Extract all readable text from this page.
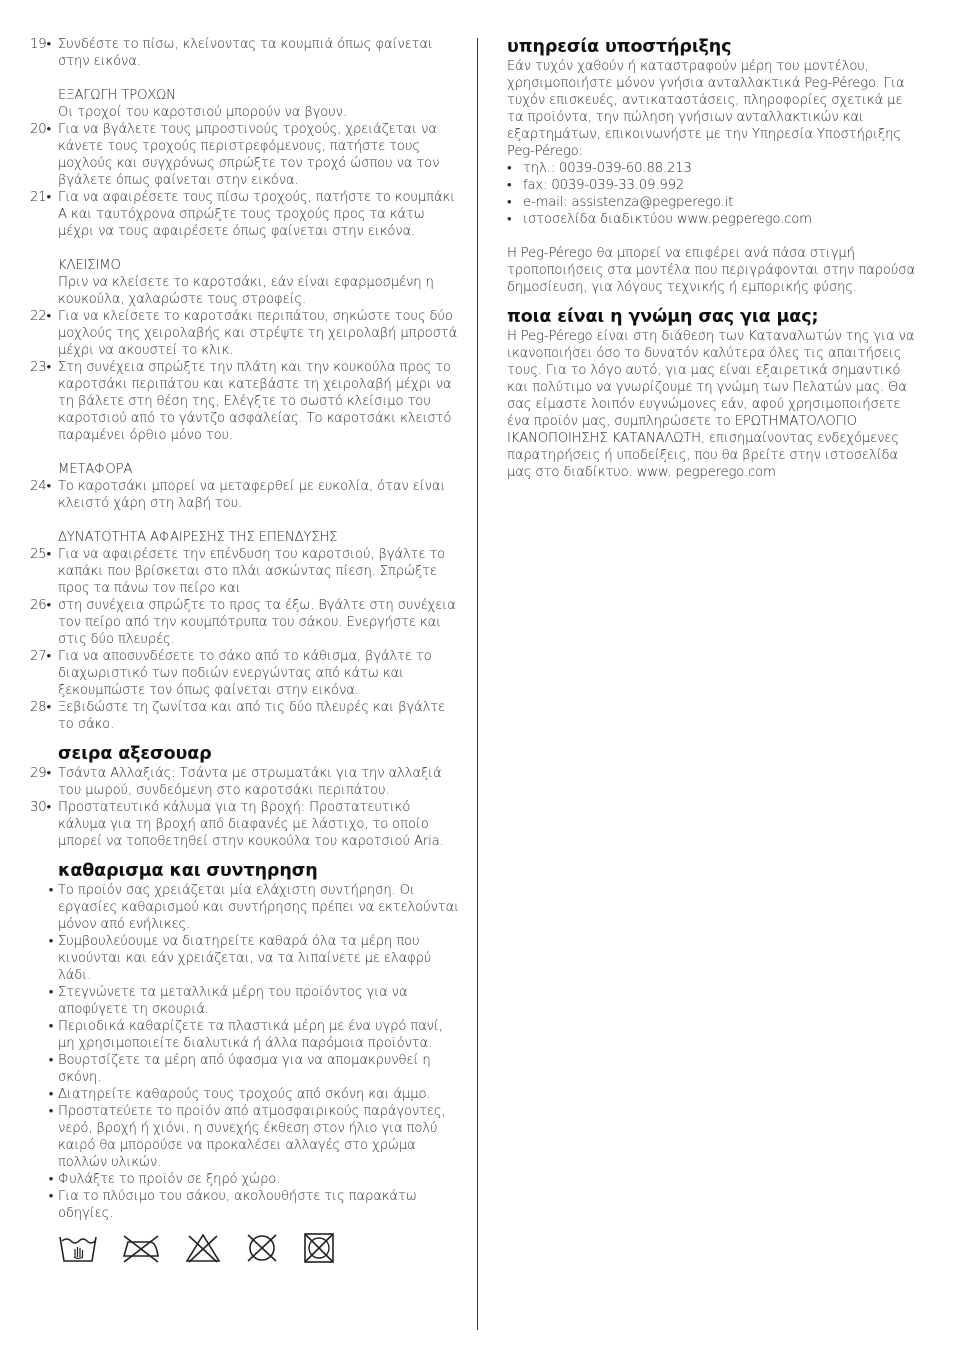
19• Συνδέστε το πίσω, κλείνοντας τα κουμπιά όπως φαίνεται στην εικόνα.
ΕΞΑΓΩΓΗ ΤΡΟΧΩΝ
Οι τροχοί του καροτσιού μπορούν να βγουν.
20• Για να βγάλετε τους μπροστινούς τροχούς, χρειάζεται να κάνετε τους τροχούς περιστρεφόμενους, πατήστε τους μοχλούς και συγχρόνως σπρώξτε τον τροχό ώσπου να τον βγάλετε όπως φαίνεται στην εικόνα.
21• Για να αφαιρέσετε τους πίσω τροχούς, πατήστε το κουμπάκι Α και ταυτόχρονα σπρώξτε τους τροχούς προς τα κάτω μέχρι να τους αφαιρέσετε όπως φαίνεται στην εικόνα.
ΚΛΕΙΣΙΜΟ
Πριν να κλείσετε το καροτσάκι, εάν είναι εφαρμοσμένη η κουκούλα, χαλαρώστε τους στροφείς.
22• Για να κλείσετε το καροτσάκι περιπάτου, σηκώστε τους δύο μοχλούς της χειρολαβής και στρέψτε τη χειρολαβή μπροστά μέχρι να ακουστεί το κλικ.
23• Στη συνέχεια σπρώξτε την πλάτη και την κουκούλα προς το καροτσάκι περιπάτου και κατεβάστε τη χειρολαβή μέχρι να τη βάλετε στη θέση της, Ελέγξτε το σωστό κλείσιμο του καροτσιού από το γάντζο ασφαλείας. Το καροτσάκι κλειστό παραμένει όρθιο μόνο του.
ΜΕΤΑΦΟΡΑ
24• Το καροτσάκι μπορεί να μεταφερθεί με ευκολία, όταν είναι κλειστό χάρη στη λαβή του.
ΔΥΝΑΤΟΤΗΤΑ ΑΦΑΙΡΕΣΗΣ ΤΗΣ ΕΠΕΝΔΥΣΗΣ
25• Για να αφαιρέσετε την επένδυση του καροτσιού, βγάλτε το καπάκι που βρίσκεται στο πλάι ασκώντας πίεση. Σπρώξτε προς τα πάνω τον πείρο και
26• στη συνέχεια σπρώξτε το προς τα έξω. Βγάλτε στη συνέχεια τον πείρο από την κουμπότρυπα του σάκου. Ενεργήστε και στις δύο πλευρές.
27• Για να αποσυνδέσετε το σάκο από το κάθισμα, βγάλτε το διαχωριστικό των ποδιών ενεργώντας από κάτω και ξεκουμπώστε τον όπως φαίνεται στην εικόνα.
28• Ξεβιδώστε τη ζωνίτσα και από τις δύο πλευρές και βγάλτε το σάκο.
σειρα αξεσουαρ
29• Τσάντα Αλλαξιάς: Τσάντα με στρωματάκι για την αλλαξιά του μωρού, συνδεόμενη στο καροτσάκι περιπάτου.
30• Προστατευτικό κάλυμα για τη βροχή: Προστατευτικό κάλυμα για τη βροχή από διαφανές με λάστιχο, το οποίο μπορεί να τοποθετηθεί στην κουκούλα του καροτσιού Aria.
καθαρισμα και συντηρηση
• Το προϊόν σας χρειάζεται μία ελάχιστη συντήρηση. Οι εργασίες καθαρισμού και συντήρησης πρέπει να εκτελούνται μόνον από ενήλικες.
• Συμβουλεύουμε να διατηρείτε καθαρά όλα τα μέρη που κινούνται και εάν χρειάζεται, να τα λιπαίνετε με ελαφρύ λάδι.
• Στεγνώνετε τα μεταλλικά μέρη του προϊόντος για να αποφύγετε τη σκουριά.
• Περιοδικά καθαρίζετε τα πλαστικά μέρη με ένα υγρό πανί, μη χρησιμοποιείτε διαλυτικά ή άλλα παρόμοια προϊόντα.
• Βουρτσίζετε τα μέρη από ύφασμα για να απομακρυνθεί η σκόνη.
• Διατηρείτε καθαρούς τους τροχούς από σκόνη και άμμο.
• Προστατεύετε το προϊόν από ατμοσφαιρικούς παράγοντες, νερό, βροχή ή χιόνι, η συνεχής έκθεση στον ήλιο για πολύ καιρό θα μπορούσε να προκαλέσει αλλαγές στο χρώμα πολλών υλικών.
• Φυλάξτε το προϊόν σε ξηρό χώρο.
• Για το πλύσιμο του σάκου, ακολουθήστε τις παρακάτω οδηγίες.
υπηρεσία υποστήριξης
Εάν τυχόν χαθούν ή καταστραφούν μέρη του μοντέλου, χρησιμοποιήστε μόνον γνήσια ανταλλακτικά Peg-Pérego. Για τυχόν επισκευές, αντικαταστάσεις, πληροφορίες σχετικά με τα προϊόντα, την πώληση γνήσιων ανταλλακτικών και εξαρτημάτων, επικοινωνήστε με την Υπηρεσία Υποστήριξης Peg-Pérego:
• τηλ.: 0039-039-60.88.213
• fax: 0039-039-33.09.992
• e-mail: assistenza@pegperego.it
• ιστοσελίδα διαδικτύου www.pegperego.com
Η Peg-Pérego θα μπορεί να επιφέρει ανά πάσα στιγμή τροποποιήσεις στα μοντέλα που περιγράφονται στην παρούσα δημοσίευση, για λόγους τεχνικής ή εμπορικής φύσης.
ποια είναι η γνώμη σας για μας;
Η Peg-Pérego είναι στη διάθεση των Καταναλωτών της για να ικανοποιήσει όσο το δυνατόν καλύτερα όλες τις απαιτήσεις τους. Για το λόγο αυτό, για μας είναι εξαιρετικά σημαντικό και πολύτιμο να γνωρίζουμε τη γνώμη των Πελατών μας. Θα σας είμαστε λοιπόν ευγνώμονες εάν, αφού χρησιμοποιήσετε ένα προϊόν μας, συμπληρώσετε το ΕΡΩΤΗΜΑΤΟΛΟΓΙΟ ΙΚΑΝΟΠΟΙΗΣΗΣ ΚΑΤΑΝΑΛΩΤΗ, επισημαίνοντας ενδεχόμενες παρατηρήσεις ή υποδείξεις, που θα βρείτε στην ιστοσελίδα μας στο διαδίκτυο. www. pegperego.com
